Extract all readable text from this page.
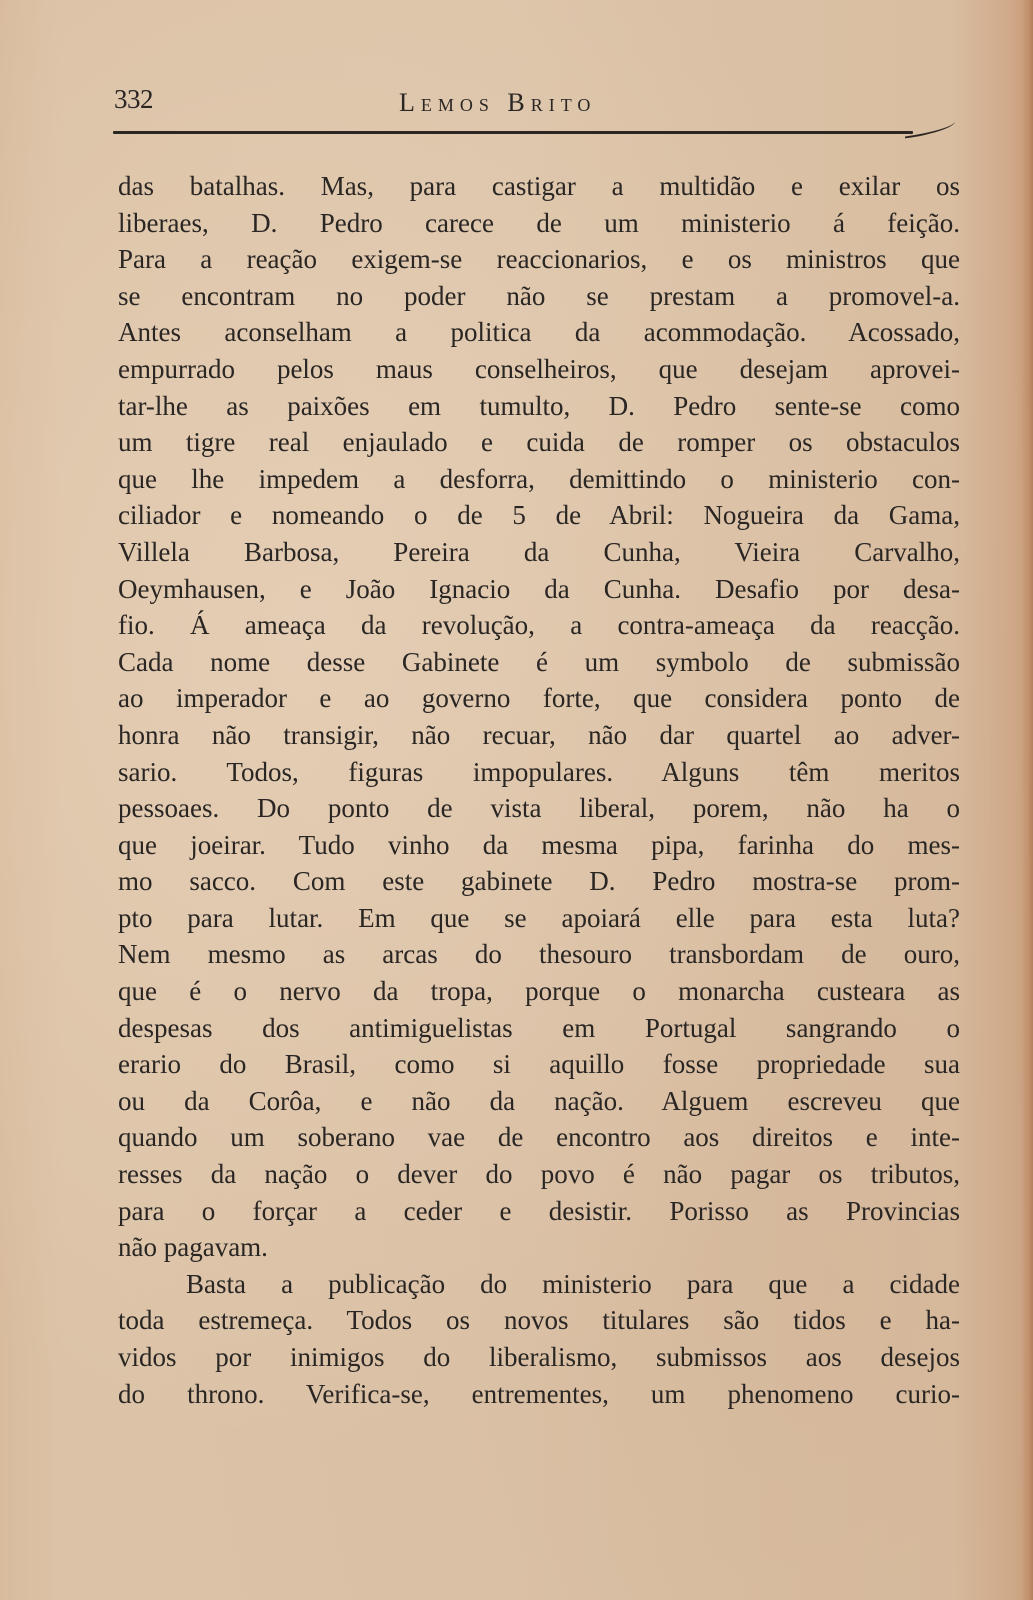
332	Lemos Brito
das batalhas. Mas, para castigar a multidão e exilar os
liberaes, D. Pedro carece de um ministerio á feição.
Para a reação exigem-se reaccionarios, e os ministros que
se encontram no poder não se prestam a promovel-a.
Antes aconselham a politica da acommodação. Acossado,
empurrado pelos maus conselheiros, que desejam aprovei-
tar-lhe as paixões em tumulto, D. Pedro sente-se como
um tigre real enjaulado e cuida de romper os obstaculos
que lhe impedem a desforra, demittindo o ministerio con-
ciliador e nomeando o de 5 de Abril: Nogueira da Gama,
Villela Barbosa, Pereira da Cunha, Vieira Carvalho,
Oeymhausen, e João Ignacio da Cunha. Desafio por desa-
fio. Á ameaça da revolução, a contra-ameaça da reacção.
Cada nome desse Gabinete é um symbolo de submissão
ao imperador e ao governo forte, que considera ponto de
honra não transigir, não recuar, não dar quartel ao adver-
sario. Todos, figuras impopulares. Alguns têm meritos
pessoaes. Do ponto de vista liberal, porem, não ha o
que joeirar. Tudo vinho da mesma pipa, farinha do mes-
mo sacco. Com este gabinete D. Pedro mostra-se prom-
pto para lutar. Em que se apoiará elle para esta luta?
Nem mesmo as arcas do thesouro transbordam de ouro,
que é o nervo da tropa, porque o monarcha custeara as
despesas dos antimiguelistas em Portugal sangrando o
erario do Brasil, como si aquillo fosse propriedade sua
ou da Corôa, e não da nação. Alguem escreveu que
quando um soberano vae de encontro aos direitos e inte-
resses da nação o dever do povo é não pagar os tributos,
para o forçar a ceder e desistir. Porisso as Provincias
não pagavam.
Basta a publicação do ministerio para que a cidade
toda estremeça. Todos os novos titulares são tidos e ha-
vidos por inimigos do liberalismo, submissos aos desejos
do throno. Verifica-se, entrementes, um phenomeno curio-
